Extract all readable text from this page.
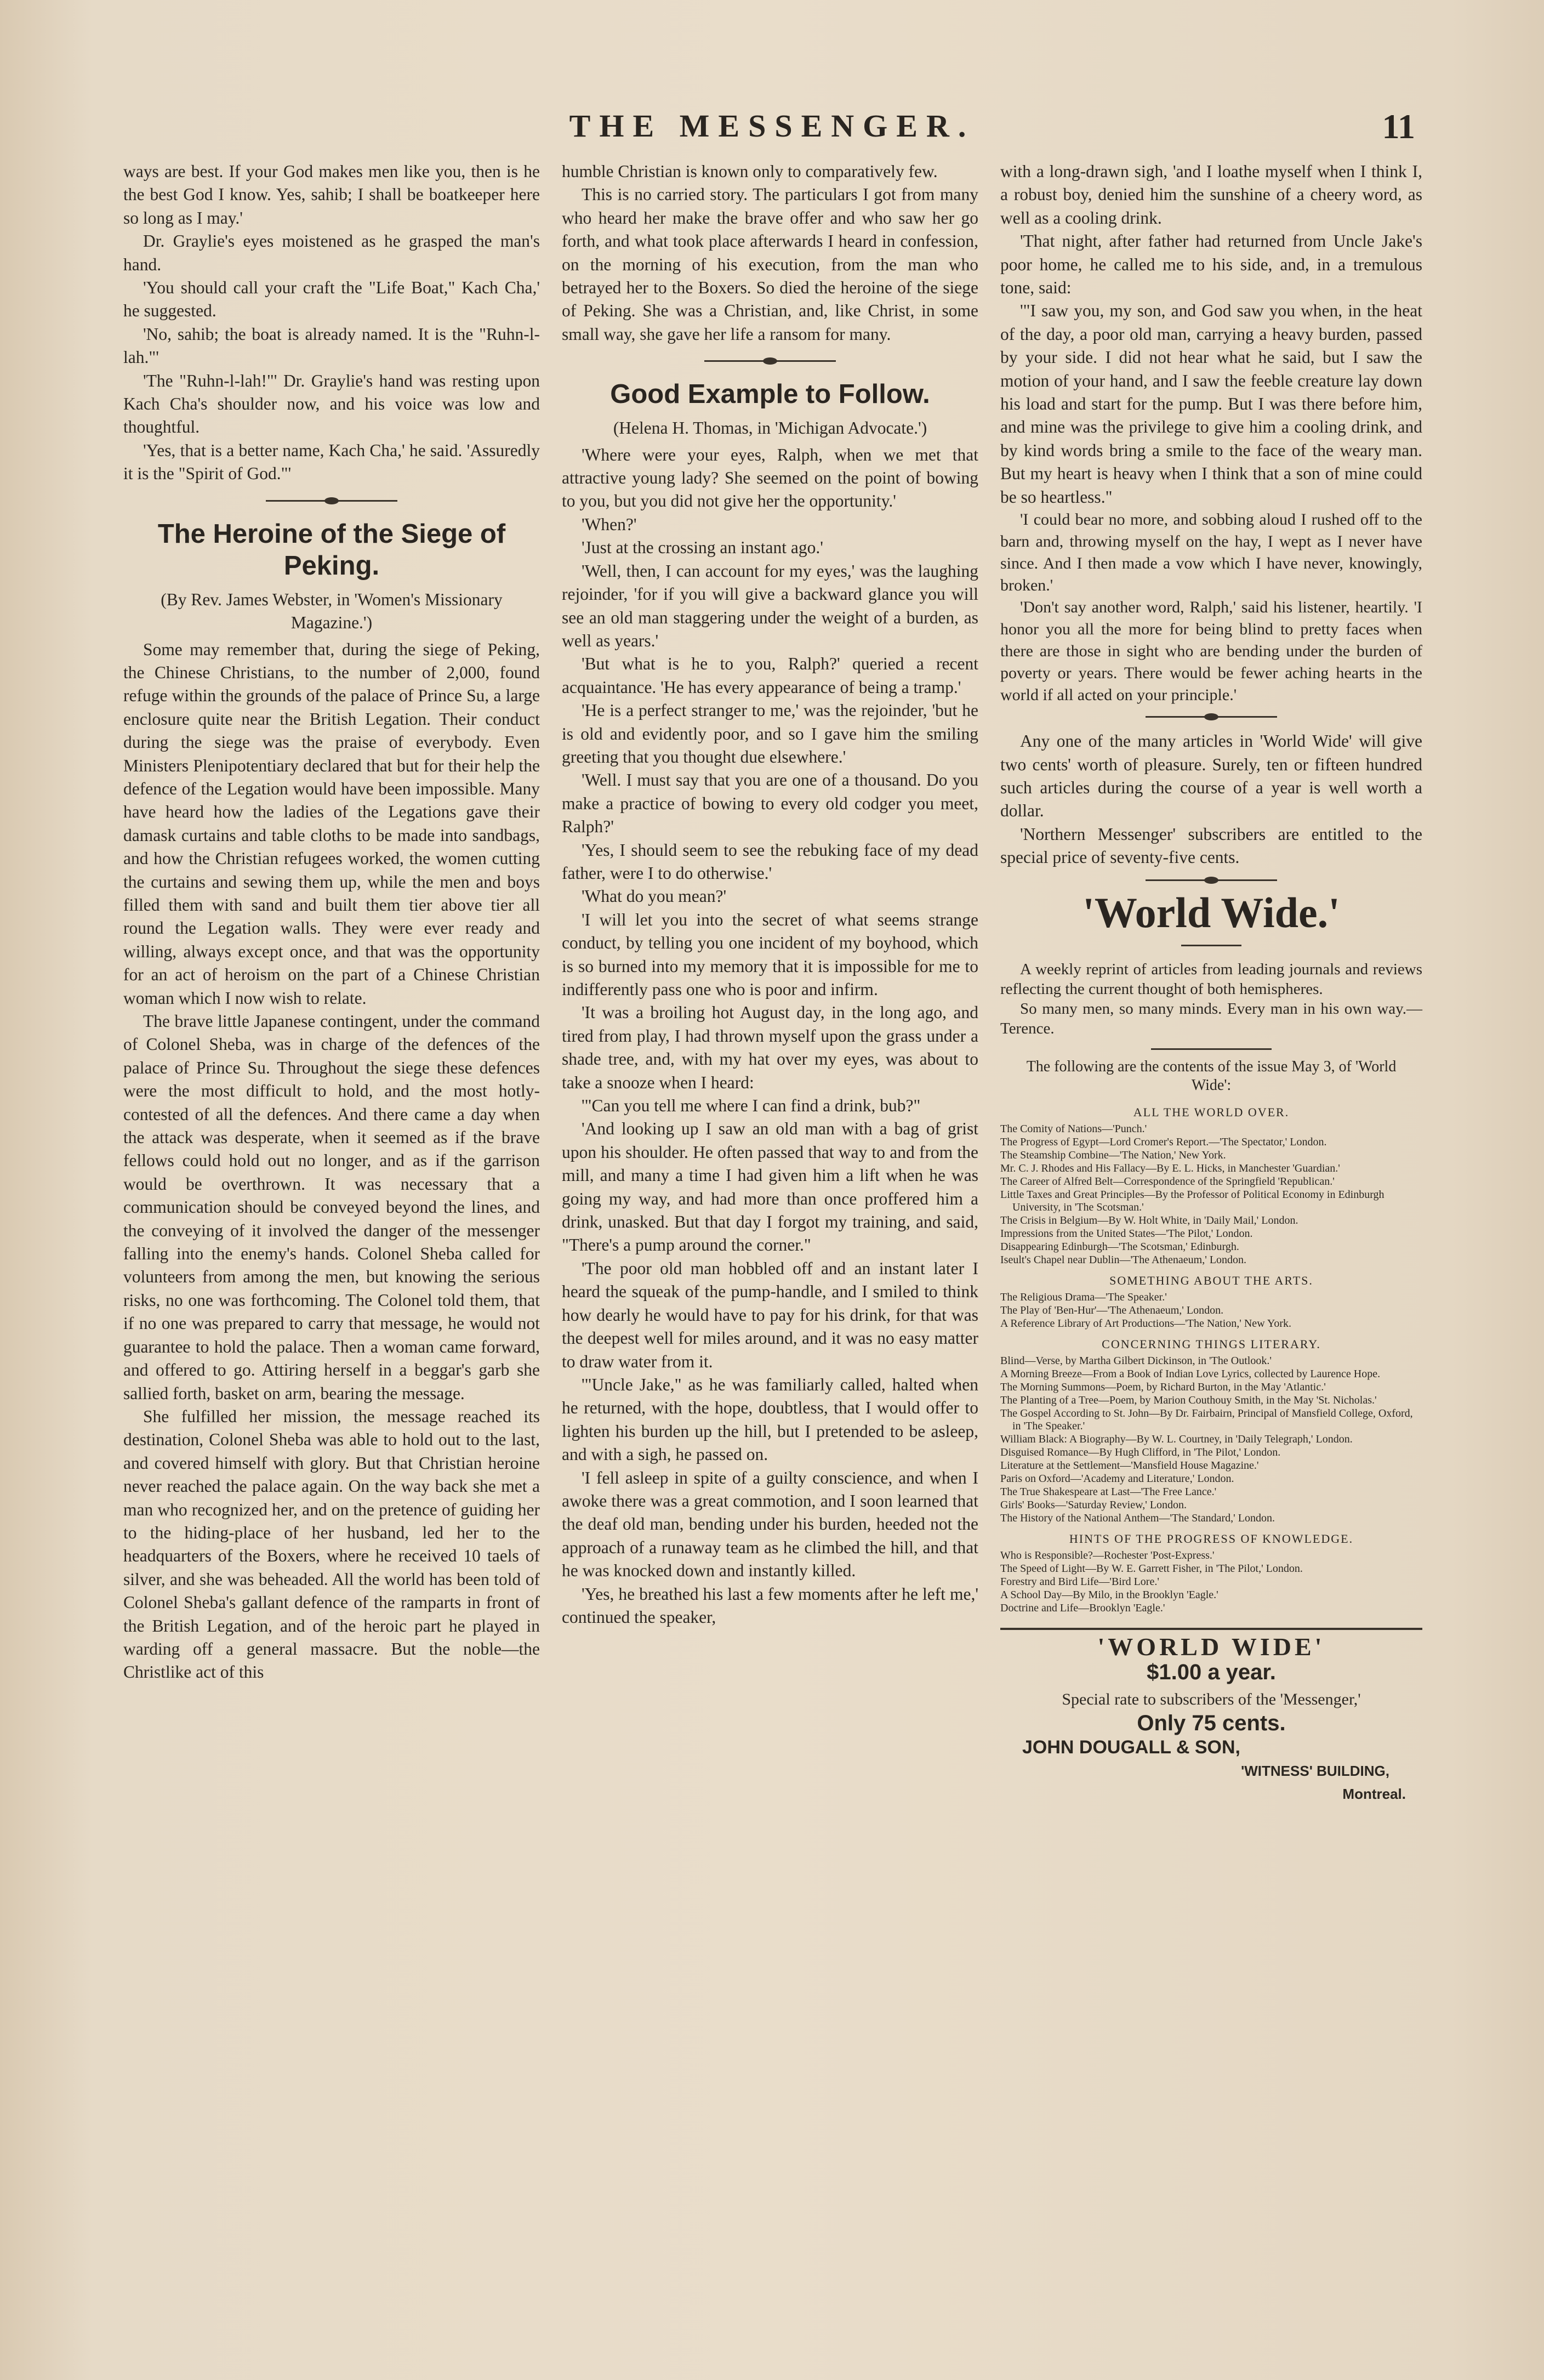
THE MESSENGER.	11

ways are best. If your God makes men like you, then is he the best God I know. Yes, sahib; I shall be boatkeeper here so long as I may.'

Dr. Graylie's eyes moistened as he grasped the man's hand.

'You should call your craft the "Life Boat," Kach Cha,' he suggested.

'No, sahib; the boat is already named. It is the "Ruhn-l-lah."'

'The "Ruhn-l-lah!"' Dr. Graylie's hand was resting upon Kach Cha's shoulder now, and his voice was low and thoughtful.

'Yes, that is a better name, Kach Cha,' he said. 'Assuredly it is the "Spirit of God."'

The Heroine of the Siege of Peking.

(By Rev. James Webster, in 'Women's Missionary Magazine.')

Some may remember that, during the siege of Peking, the Chinese Christians, to the number of 2,000, found refuge within the grounds of the palace of Prince Su, a large enclosure quite near the British Legation. Their conduct during the siege was the praise of everybody. Even Ministers Plenipotentiary declared that but for their help the defence of the Legation would have been impossible. Many have heard how the ladies of the Legations gave their damask curtains and table cloths to be made into sandbags, and how the Christian refugees worked, the women cutting the curtains and sewing them up, while the men and boys filled them with sand and built them tier above tier all round the Legation walls. They were ever ready and willing, always except once, and that was the opportunity for an act of heroism on the part of a Chinese Christian woman which I now wish to relate.

The brave little Japanese contingent, under the command of Colonel Sheba, was in charge of the defences of the palace of Prince Su. Throughout the siege these defences were the most difficult to hold, and the most hotly-contested of all the defences. And there came a day when the attack was desperate, when it seemed as if the brave fellows could hold out no longer, and as if the garrison would be overthrown. It was necessary that a communication should be conveyed beyond the lines, and the conveying of it involved the danger of the messenger falling into the enemy's hands. Colonel Sheba called for volunteers from among the men, but knowing the serious risks, no one was forthcoming. The Colonel told them, that if no one was prepared to carry that message, he would not guarantee to hold the palace. Then a woman came forward, and offered to go. Attiring herself in a beggar's garb she sallied forth, basket on arm, bearing the message.

She fulfilled her mission, the message reached its destination, Colonel Sheba was able to hold out to the last, and covered himself with glory. But that Christian heroine never reached the palace again. On the way back she met a man who recognized her, and on the pretence of guiding her to the hiding-place of her husband, led her to the headquarters of the Boxers, where he received 10 taels of silver, and she was beheaded. All the world has been told of Colonel Sheba's gallant defence of the ramparts in front of the British Legation, and of the heroic part he played in warding off a general massacre. But the noble—the Christlike act of this

humble Christian is known only to comparatively few.

This is no carried story. The particulars I got from many who heard her make the brave offer and who saw her go forth, and what took place afterwards I heard in confession, on the morning of his execution, from the man who betrayed her to the Boxers. So died the heroine of the siege of Peking. She was a Christian, and, like Christ, in some small way, she gave her life a ransom for many.

Good Example to Follow.

(Helena H. Thomas, in 'Michigan Advocate.')

'Where were your eyes, Ralph, when we met that attractive young lady? She seemed on the point of bowing to you, but you did not give her the opportunity.'

'When?'

'Just at the crossing an instant ago.'

'Well, then, I can account for my eyes,' was the laughing rejoinder, 'for if you will give a backward glance you will see an old man staggering under the weight of a burden, as well as years.'

'But what is he to you, Ralph?' queried a recent acquaintance. 'He has every appearance of being a tramp.'

'He is a perfect stranger to me,' was the rejoinder, 'but he is old and evidently poor, and so I gave him the smiling greeting that you thought due elsewhere.'

'Well. I must say that you are one of a thousand. Do you make a practice of bowing to every old codger you meet, Ralph?'

'Yes, I should seem to see the rebuking face of my dead father, were I to do otherwise.'

'What do you mean?'

'I will let you into the secret of what seems strange conduct, by telling you one incident of my boyhood, which is so burned into my memory that it is impossible for me to indifferently pass one who is poor and infirm.

'It was a broiling hot August day, in the long ago, and tired from play, I had thrown myself upon the grass under a shade tree, and, with my hat over my eyes, was about to take a snooze when I heard:

'"Can you tell me where I can find a drink, bub?"

'And looking up I saw an old man with a bag of grist upon his shoulder. He often passed that way to and from the mill, and many a time I had given him a lift when he was going my way, and had more than once proffered him a drink, unasked. But that day I forgot my training, and said, "There's a pump around the corner."

'The poor old man hobbled off and an instant later I heard the squeak of the pump-handle, and I smiled to think how dearly he would have to pay for his drink, for that was the deepest well for miles around, and it was no easy matter to draw water from it.

'"Uncle Jake," as he was familiarly called, halted when he returned, with the hope, doubtless, that I would offer to lighten his burden up the hill, but I pretended to be asleep, and with a sigh, he passed on.

'I fell asleep in spite of a guilty conscience, and when I awoke there was a great commotion, and I soon learned that the deaf old man, bending under his burden, heeded not the approach of a runaway team as he climbed the hill, and that he was knocked down and instantly killed.

'Yes, he breathed his last a few moments after he left me,' continued the speaker,

with a long-drawn sigh, 'and I loathe myself when I think I, a robust boy, denied him the sunshine of a cheery word, as well as a cooling drink.

'That night, after father had returned from Uncle Jake's poor home, he called me to his side, and, in a tremulous tone, said:

'"I saw you, my son, and God saw you when, in the heat of the day, a poor old man, carrying a heavy burden, passed by your side. I did not hear what he said, but I saw the motion of your hand, and I saw the feeble creature lay down his load and start for the pump. But I was there before him, and mine was the privilege to give him a cooling drink, and by kind words bring a smile to the face of the weary man. But my heart is heavy when I think that a son of mine could be so heartless."

'I could bear no more, and sobbing aloud I rushed off to the barn and, throwing myself on the hay, I wept as I never have since. And I then made a vow which I have never, knowingly, broken.'

'Don't say another word, Ralph,' said his listener, heartily. 'I honor you all the more for being blind to pretty faces when there are those in sight who are bending under the burden of poverty or years. There would be fewer aching hearts in the world if all acted on your principle.'

Any one of the many articles in 'World Wide' will give two cents' worth of pleasure. Surely, ten or fifteen hundred such articles during the course of a year is well worth a dollar.

'Northern Messenger' subscribers are entitled to the special price of seventy-five cents.

'World Wide.'

A weekly reprint of articles from leading journals and reviews reflecting the current thought of both hemispheres.

So many men, so many minds. Every man in his own way.—Terence.

The following are the contents of the issue May 3, of 'World Wide':

ALL THE WORLD OVER.
The Comity of Nations—'Punch.'
The Progress of Egypt—Lord Cromer's Report.—'The Spectator,' London.
The Steamship Combine—'The Nation,' New York.
Mr. C. J. Rhodes and His Fallacy—By E. L. Hicks, in Manchester 'Guardian.'
The Career of Alfred Belt—Correspondence of the Springfield 'Republican.'
Little Taxes and Great Principles—By the Professor of Political Economy in Edinburgh University, in 'The Scotsman.'
The Crisis in Belgium—By W. Holt White, in 'Daily Mail,' London.
Impressions from the United States—'The Pilot,' London.
Disappearing Edinburgh—'The Scotsman,' Edinburgh.
Iseult's Chapel near Dublin—'The Athenaeum,' London.
SOMETHING ABOUT THE ARTS.
The Religious Drama—'The Speaker.'
The Play of 'Ben-Hur'—'The Athenaeum,' London.
A Reference Library of Art Productions—'The Nation,' New York.
CONCERNING THINGS LITERARY.
Blind—Verse, by Martha Gilbert Dickinson, in 'The Outlook.'
A Morning Breeze—From a Book of Indian Love Lyrics, collected by Laurence Hope.
The Morning Summons—Poem, by Richard Burton, in the May 'Atlantic.'
The Planting of a Tree—Poem, by Marion Couthouy Smith, in the May 'St. Nicholas.'
The Gospel According to St. John—By Dr. Fairbairn, Principal of Mansfield College, Oxford, in 'The Speaker.'
William Black: A Biography—By W. L. Courtney, in 'Daily Telegraph,' London.
Disguised Romance—By Hugh Clifford, in 'The Pilot,' London.
Literature at the Settlement—'Mansfield House Magazine.'
Paris on Oxford—'Academy and Literature,' London.
The True Shakespeare at Last—'The Free Lance.'
Girls' Books—'Saturday Review,' London.
The History of the National Anthem—'The Standard,' London.
HINTS OF THE PROGRESS OF KNOWLEDGE.
Who is Responsible?—Rochester 'Post-Express.'
The Speed of Light—By W. E. Garrett Fisher, in 'The Pilot,' London.
Forestry and Bird Life—'Bird Lore.'
A School Day—By Milo, in the Brooklyn 'Eagle.'
Doctrine and Life—Brooklyn 'Eagle.'
'WORLD WIDE'
$1.00 a year.
Special rate to subscribers of the 'Messenger,'
Only 75 cents.
JOHN DOUGALL & SON,
'WITNESS' BUILDING,
Montreal.
